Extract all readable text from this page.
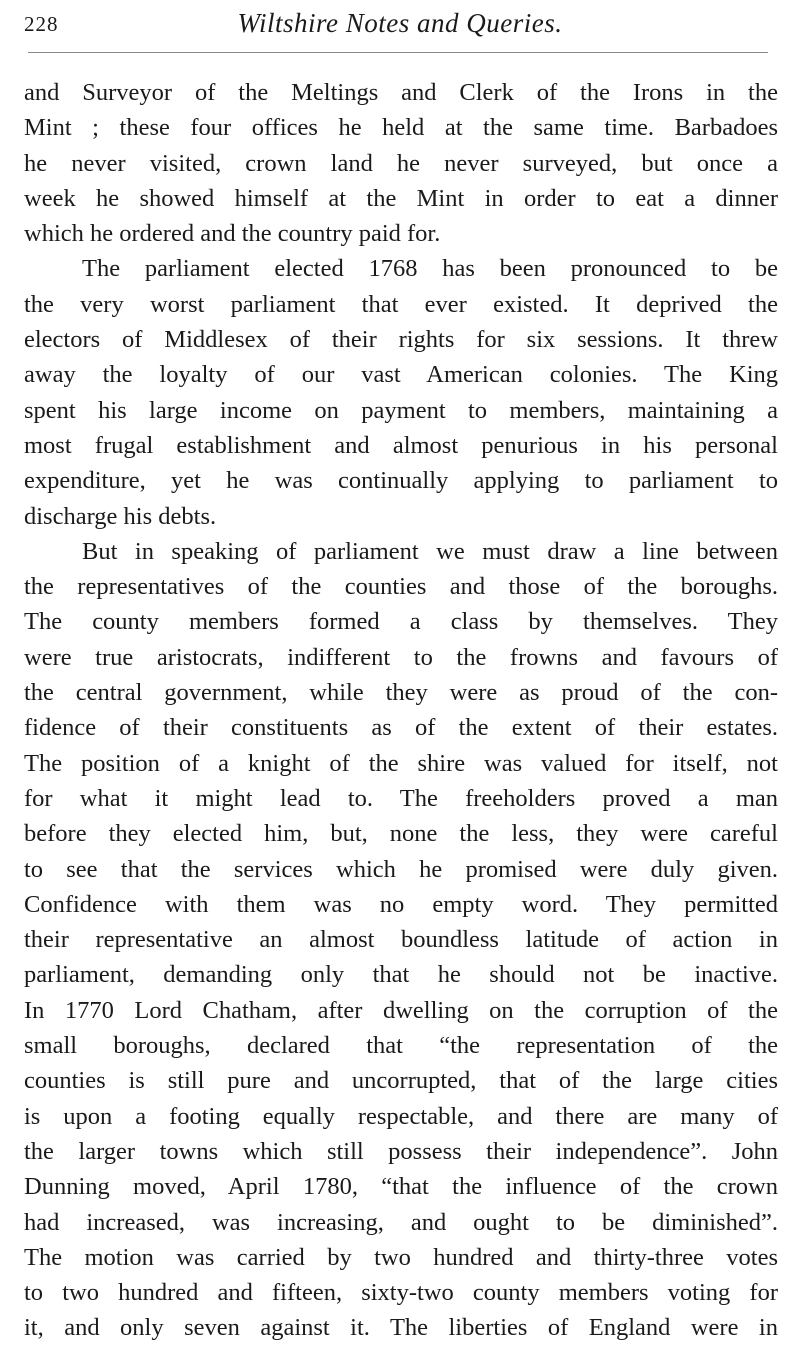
228	Wiltshire Notes and Queries.
and Surveyor of the Meltings and Clerk of the Irons in the
Mint ; these four offices he held at the same time. Barbadoes
he never visited, crown land he never surveyed, but once a
week he showed himself at the Mint in order to eat a dinner
which he ordered and the country paid for.
The parliament elected 1768 has been pronounced to be
the very worst parliament that ever existed. It deprived the
electors of Middlesex of their rights for six sessions. It threw
away the loyalty of our vast American colonies. The King
spent his large income on payment to members, maintaining a
most frugal establishment and almost penurious in his personal
expenditure, yet he was continually applying to parliament to
discharge his debts.
But in speaking of parliament we must draw a line between
the representatives of the counties and those of the boroughs.
The county members formed a class by themselves. They
were true aristocrats, indifferent to the frowns and favours of
the central government, while they were as proud of the con-
fidence of their constituents as of the extent of their estates.
The position of a knight of the shire was valued for itself, not
for what it might lead to. The freeholders proved a man
before they elected him, but, none the less, they were careful
to see that the services which he promised were duly given.
Confidence with them was no empty word. They permitted
their representative an almost boundless latitude of action in
parliament, demanding only that he should not be inactive.
In 1770 Lord Chatham, after dwelling on the corruption of the
small boroughs, declared that “the representation of the
counties is still pure and uncorrupted, that of the large cities
is upon a footing equally respectable, and there are many of
the larger towns which still possess their independence”. John
Dunning moved, April 1780, “that the influence of the crown
had increased, was increasing, and ought to be diminished”.
The motion was carried by two hundred and thirty-three votes
to two hundred and fifteen, sixty-two county members voting for
it, and only seven against it. The liberties of England were in
